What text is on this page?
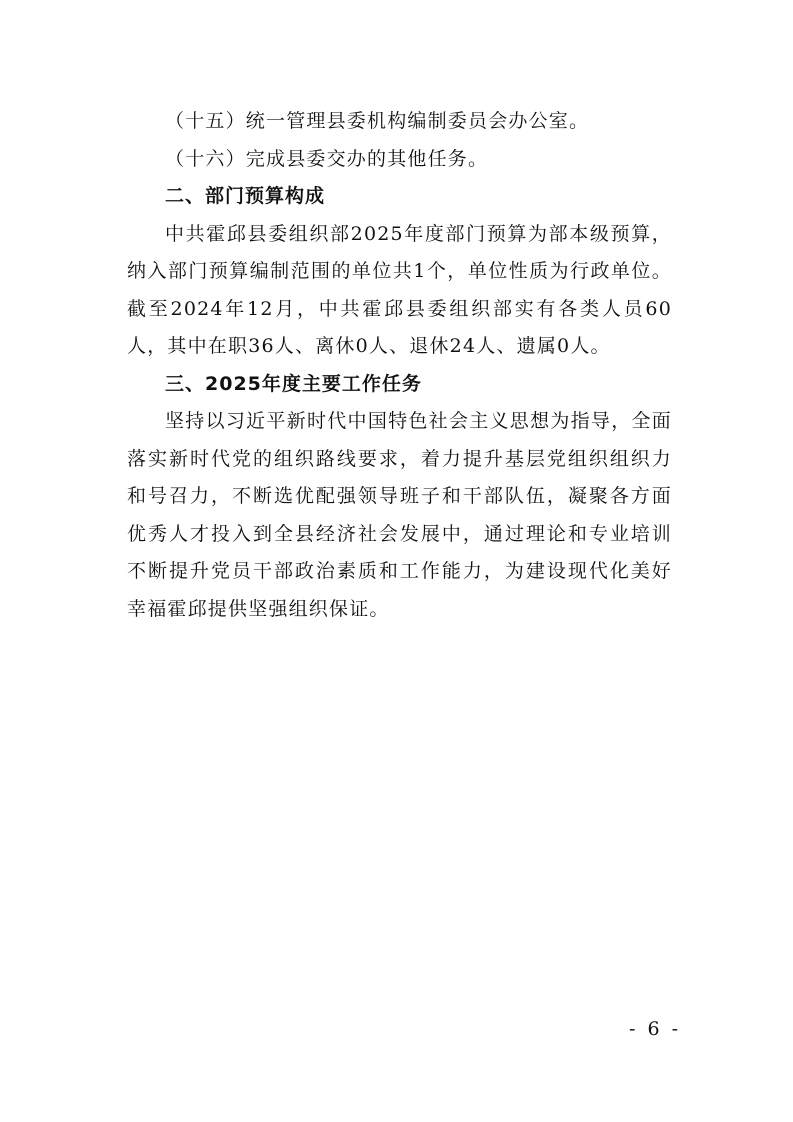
（十五）统一管理县委机构编制委员会办公室。

（十六）完成县委交办的其他任务。

二、部门预算构成

中共霍邱县委组织部2025年度部门预算为部本级预算，纳入部门预算编制范围的单位共1个，单位性质为行政单位。截至2024年12月，中共霍邱县委组织部实有各类人员60人，其中在职36人、离休0人、退休24人、遗属0人。

三、2025年度主要工作任务

坚持以习近平新时代中国特色社会主义思想为指导，全面落实新时代党的组织路线要求，着力提升基层党组织组织力和号召力，不断选优配强领导班子和干部队伍，凝聚各方面优秀人才投入到全县经济社会发展中，通过理论和专业培训不断提升党员干部政治素质和工作能力，为建设现代化美好幸福霍邱提供坚强组织保证。

- 6 -
